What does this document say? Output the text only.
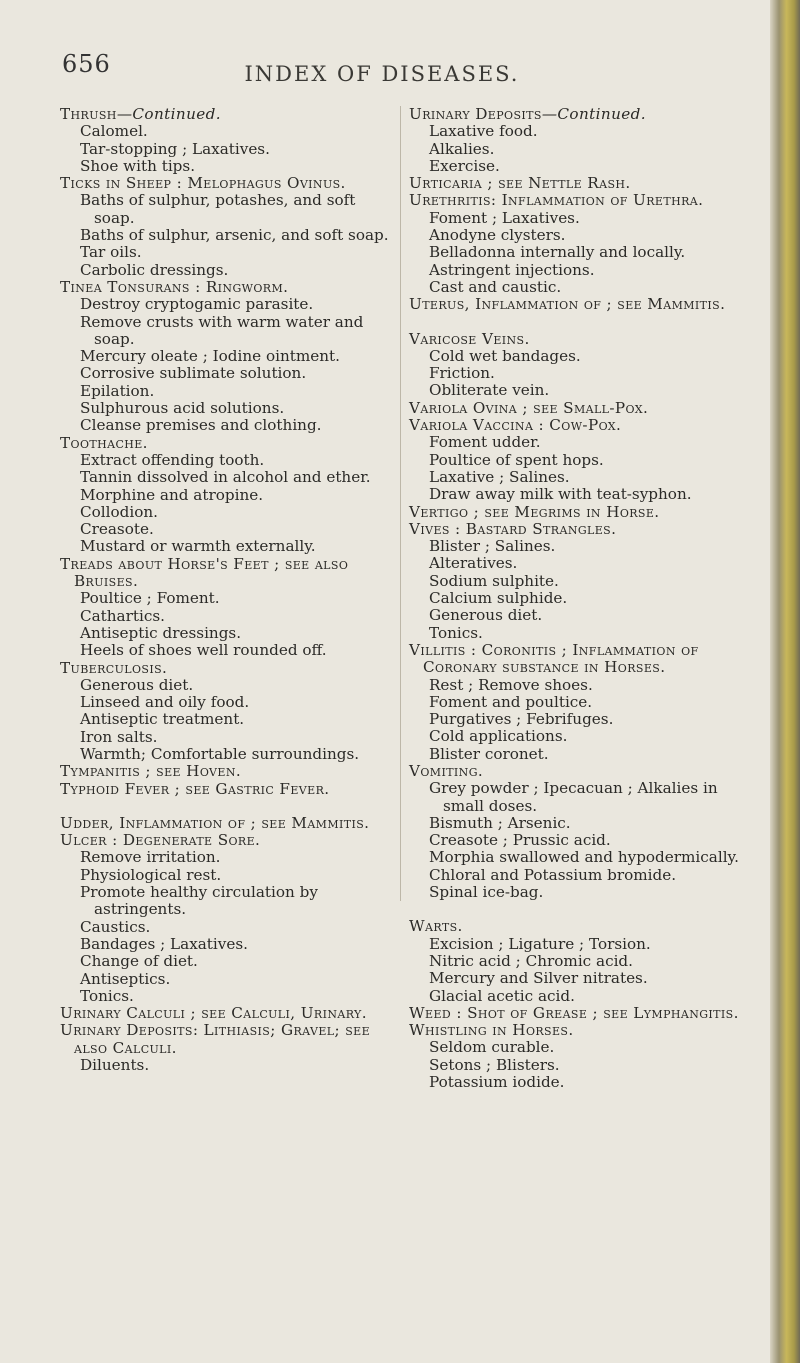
656	INDEX OF DISEASES.
Thrush—Continued.
Calomel.
Tar-stopping ; Laxatives.
Shoe with tips.
Ticks in Sheep : Melophagus Ovinus.
Baths of sulphur, potashes, and soft soap.
Baths of sulphur, arsenic, and soft soap.
Tar oils.
Carbolic dressings.
Tinea Tonsurans : Ringworm.
Destroy cryptogamic parasite.
Remove crusts with warm water and soap.
Mercury oleate ; Iodine ointment.
Corrosive sublimate solution.
Epilation.
Sulphurous acid solutions.
Cleanse premises and clothing.
Toothache.
Extract offending tooth.
Tannin dissolved in alcohol and ether.
Morphine and atropine.
Collodion.
Creasote.
Mustard or warmth externally.
Treads about Horse's Feet ; see also Bruises.
Poultice ; Foment.
Cathartics.
Antiseptic dressings.
Heels of shoes well rounded off.
Tuberculosis.
Generous diet.
Linseed and oily food.
Antiseptic treatment.
Iron salts.
Warmth; Comfortable surroundings.
Tympanitis ; see Hoven.
Typhoid Fever ; see Gastric Fever.
Udder, Inflammation of ; see Mammitis.
Ulcer : Degenerate Sore.
Remove irritation.
Physiological rest.
Promote healthy circulation by astringents.
Caustics.
Bandages ; Laxatives.
Change of diet.
Antiseptics.
Tonics.
Urinary Calculi ; see Calculi, Urinary.
Urinary Deposits: Lithiasis; Gravel; see also Calculi.
Diluents.
Urinary Deposits—Continued.
Laxative food.
Alkalies.
Exercise.
Urticaria ; see Nettle Rash.
Urethritis: Inflammation of Urethra.
Foment ; Laxatives.
Anodyne clysters.
Belladonna internally and locally.
Astringent injections.
Cast and caustic.
Uterus, Inflammation of ; see Mammitis.
Varicose Veins.
Cold wet bandages.
Friction.
Obliterate vein.
Variola Ovina ; see Small-Pox.
Variola Vaccina : Cow-Pox.
Foment udder.
Poultice of spent hops.
Laxative ; Salines.
Draw away milk with teat-syphon.
Vertigo ; see Megrims in Horse.
Vives : Bastard Strangles.
Blister ; Salines.
Alteratives.
Sodium sulphite.
Calcium sulphide.
Generous diet.
Tonics.
Villitis : Coronitis ; Inflammation of Coronary substance in Horses.
Rest ; Remove shoes.
Foment and poultice.
Purgatives ; Febrifuges.
Cold applications.
Blister coronet.
Vomiting.
Grey powder ; Ipecacuan ; Alkalies in small doses.
Bismuth ; Arsenic.
Creasote ; Prussic acid.
Morphia swallowed and hypodermically.
Chloral and Potassium bromide.
Spinal ice-bag.
Warts.
Excision ; Ligature ; Torsion.
Nitric acid ; Chromic acid.
Mercury and Silver nitrates.
Glacial acetic acid.
Weed : Shot of Grease ; see Lymphangitis.
Whistling in Horses.
Seldom curable.
Setons ; Blisters.
Potassium iodide.
